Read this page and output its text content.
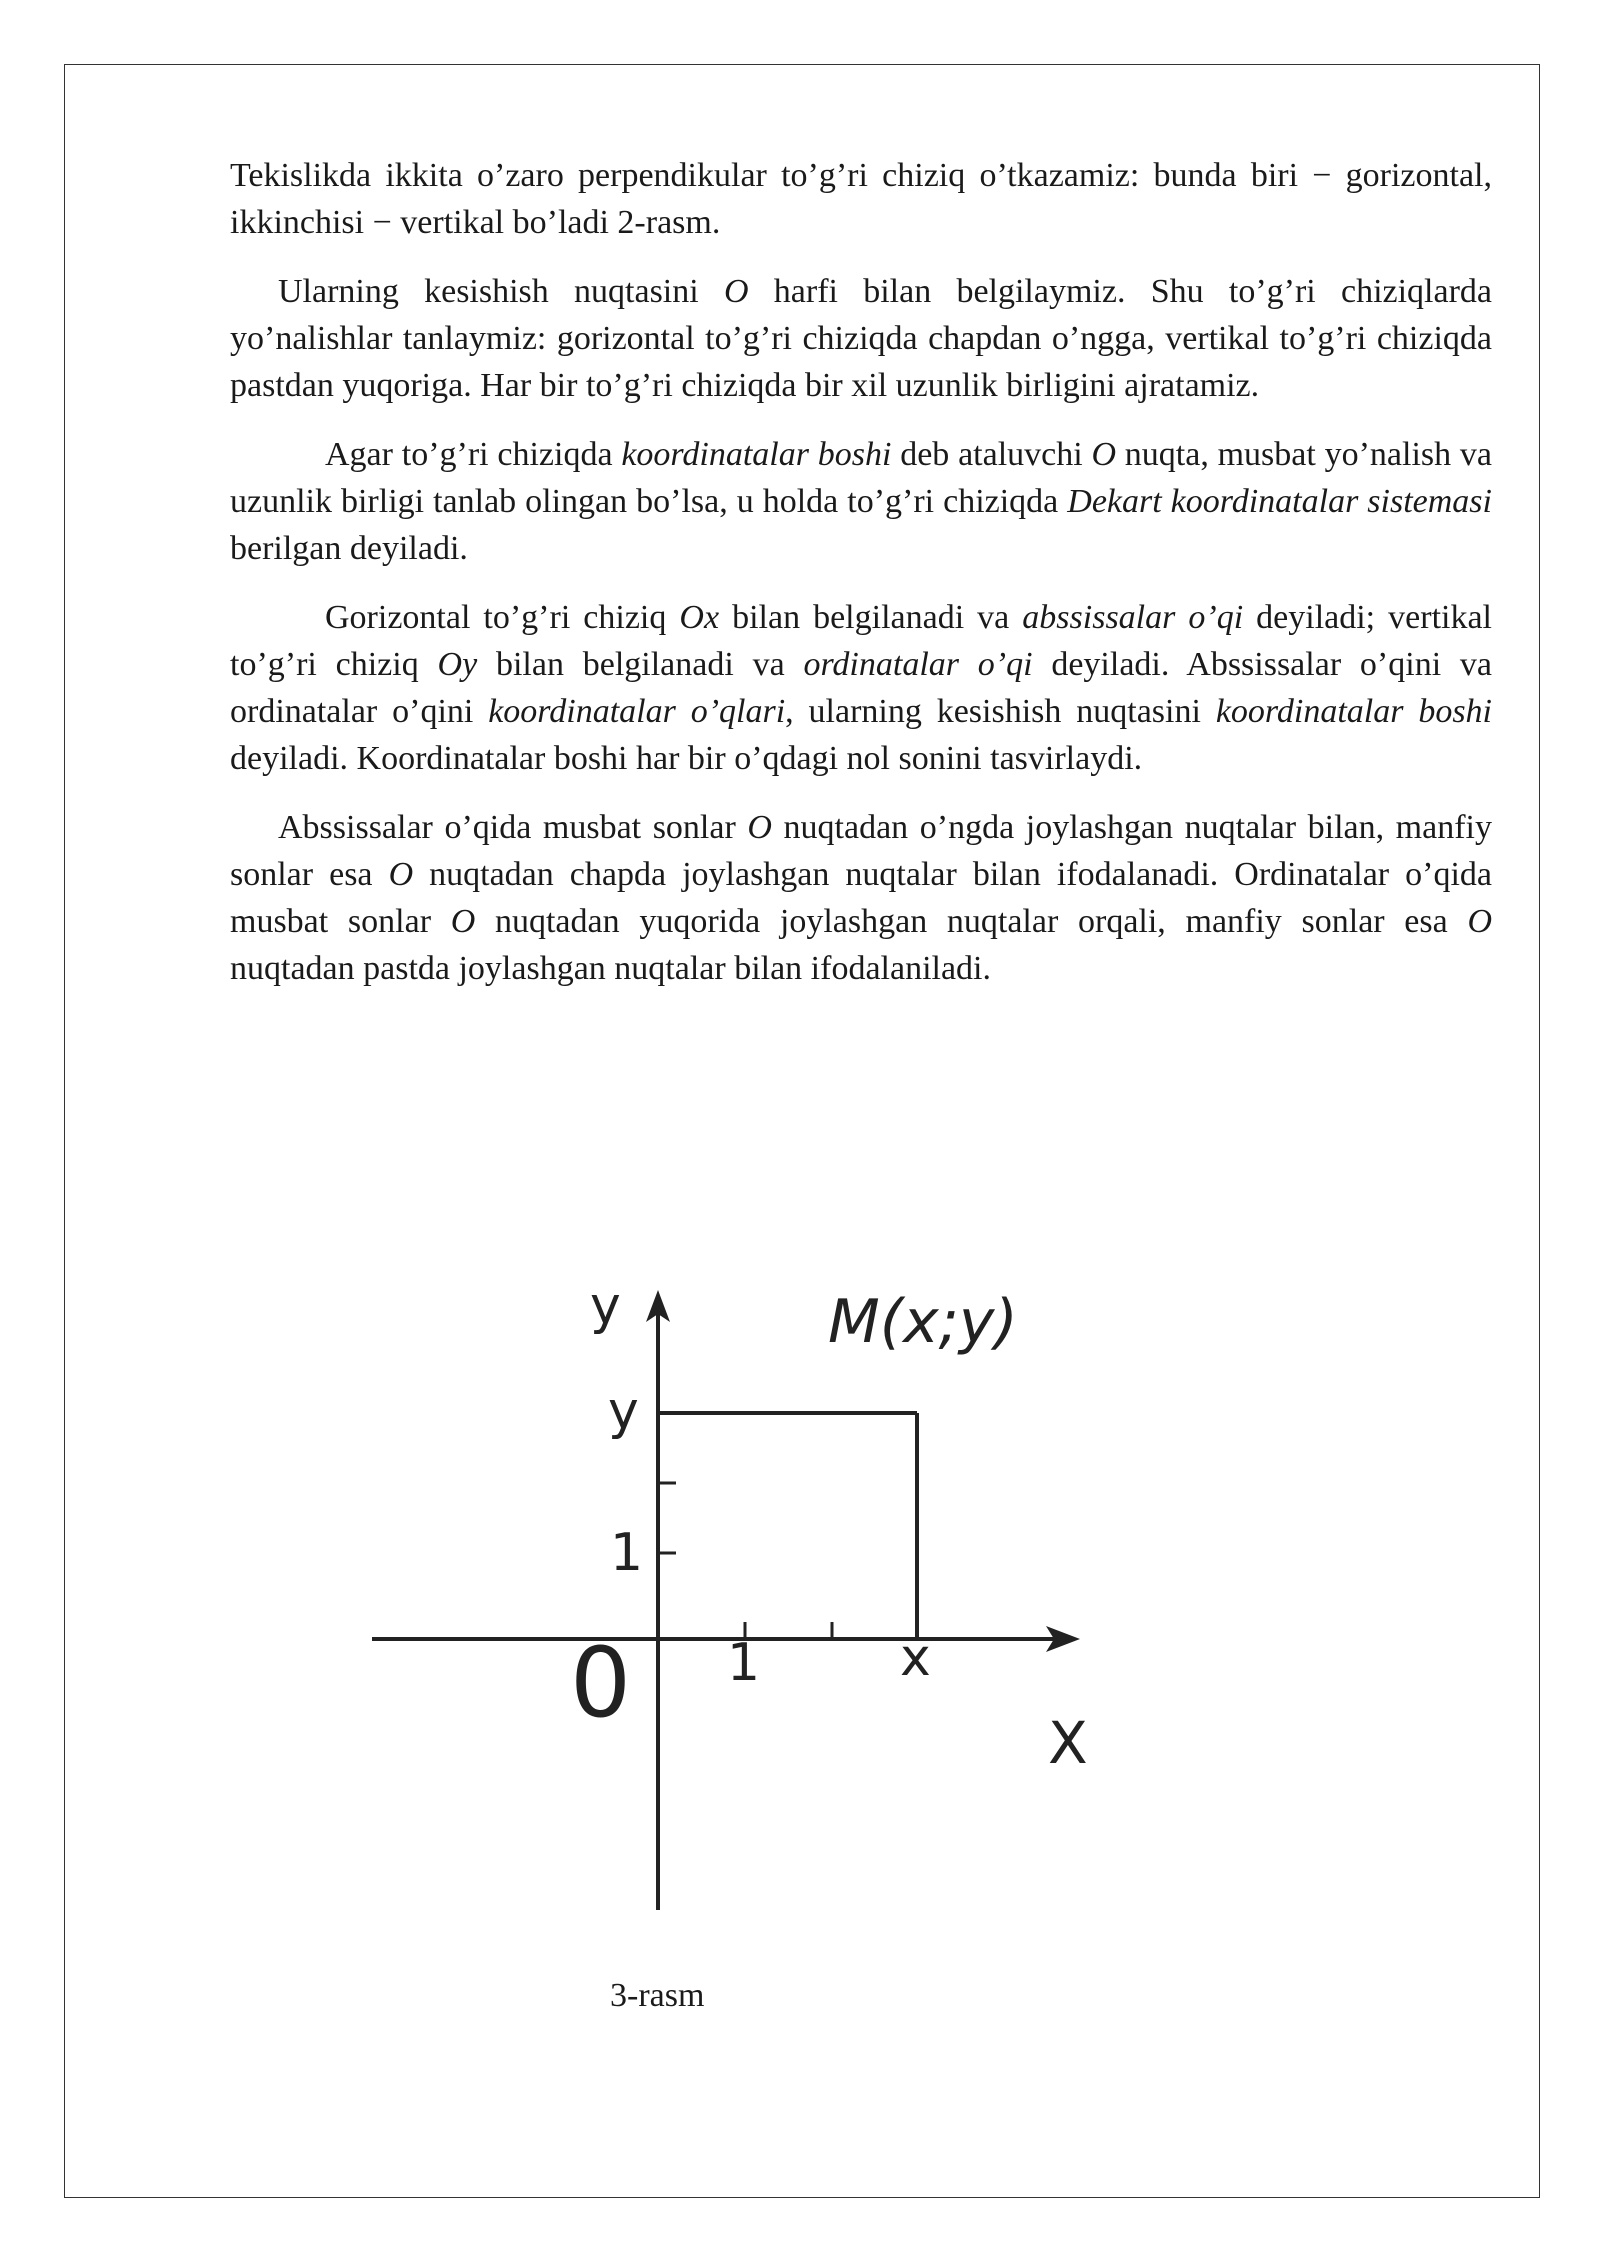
Tekislikda ikkita o’zaro perpendikular to’g’ri chiziq o’tkazamiz: bunda biri − gorizontal, ikkinchisi − vertikal bo’ladi 2-rasm.

Ularning kesishish nuqtasini O harfi bilan belgilaymiz. Shu to’g’ri chiziqlarda yo’nalishlar tanlaymiz: gorizontal to’g’ri chiziqda chapdan o’ngga, vertikal to’g’ri chiziqda pastdan yuqoriga. Har bir to’g’ri chiziqda bir xil uzunlik birligini ajratamiz.

Agar to’g’ri chiziqda koordinatalar boshi deb ataluvchi O nuqta, musbat yo’nalish va uzunlik birligi tanlab olingan bo’lsa, u holda to’g’ri chiziqda Dekart koordinatalar sistemasi berilgan deyiladi.

Gorizontal to’g’ri chiziq Ox bilan belgilanadi va abssissalar o’qi deyiladi; vertikal to’g’ri chiziq Oy bilan belgilanadi va ordinatalar o’qi deyiladi. Abssissalar o’qini va ordinatalar o’qini koordinatalar o’qlari, ularning kesishish nuqtasini koordinatalar boshi deyiladi. Koordinatalar boshi har bir o’qdagi nol sonini tasvirlaydi.

Abssissalar o’qida musbat sonlar O nuqtadan o’ngda joylashgan nuqtalar bilan, manfiy sonlar esa O nuqtadan chapda joylashgan nuqtalar bilan ifodalanadi. Ordinatalar o’qida musbat sonlar O nuqtadan yuqorida joylashgan nuqtalar orqali, manfiy sonlar esa O nuqtadan pastda joylashgan nuqtalar bilan ifodalaniladi.

y	M(x;y)
y
1
0 1	x
X
3-rasm
